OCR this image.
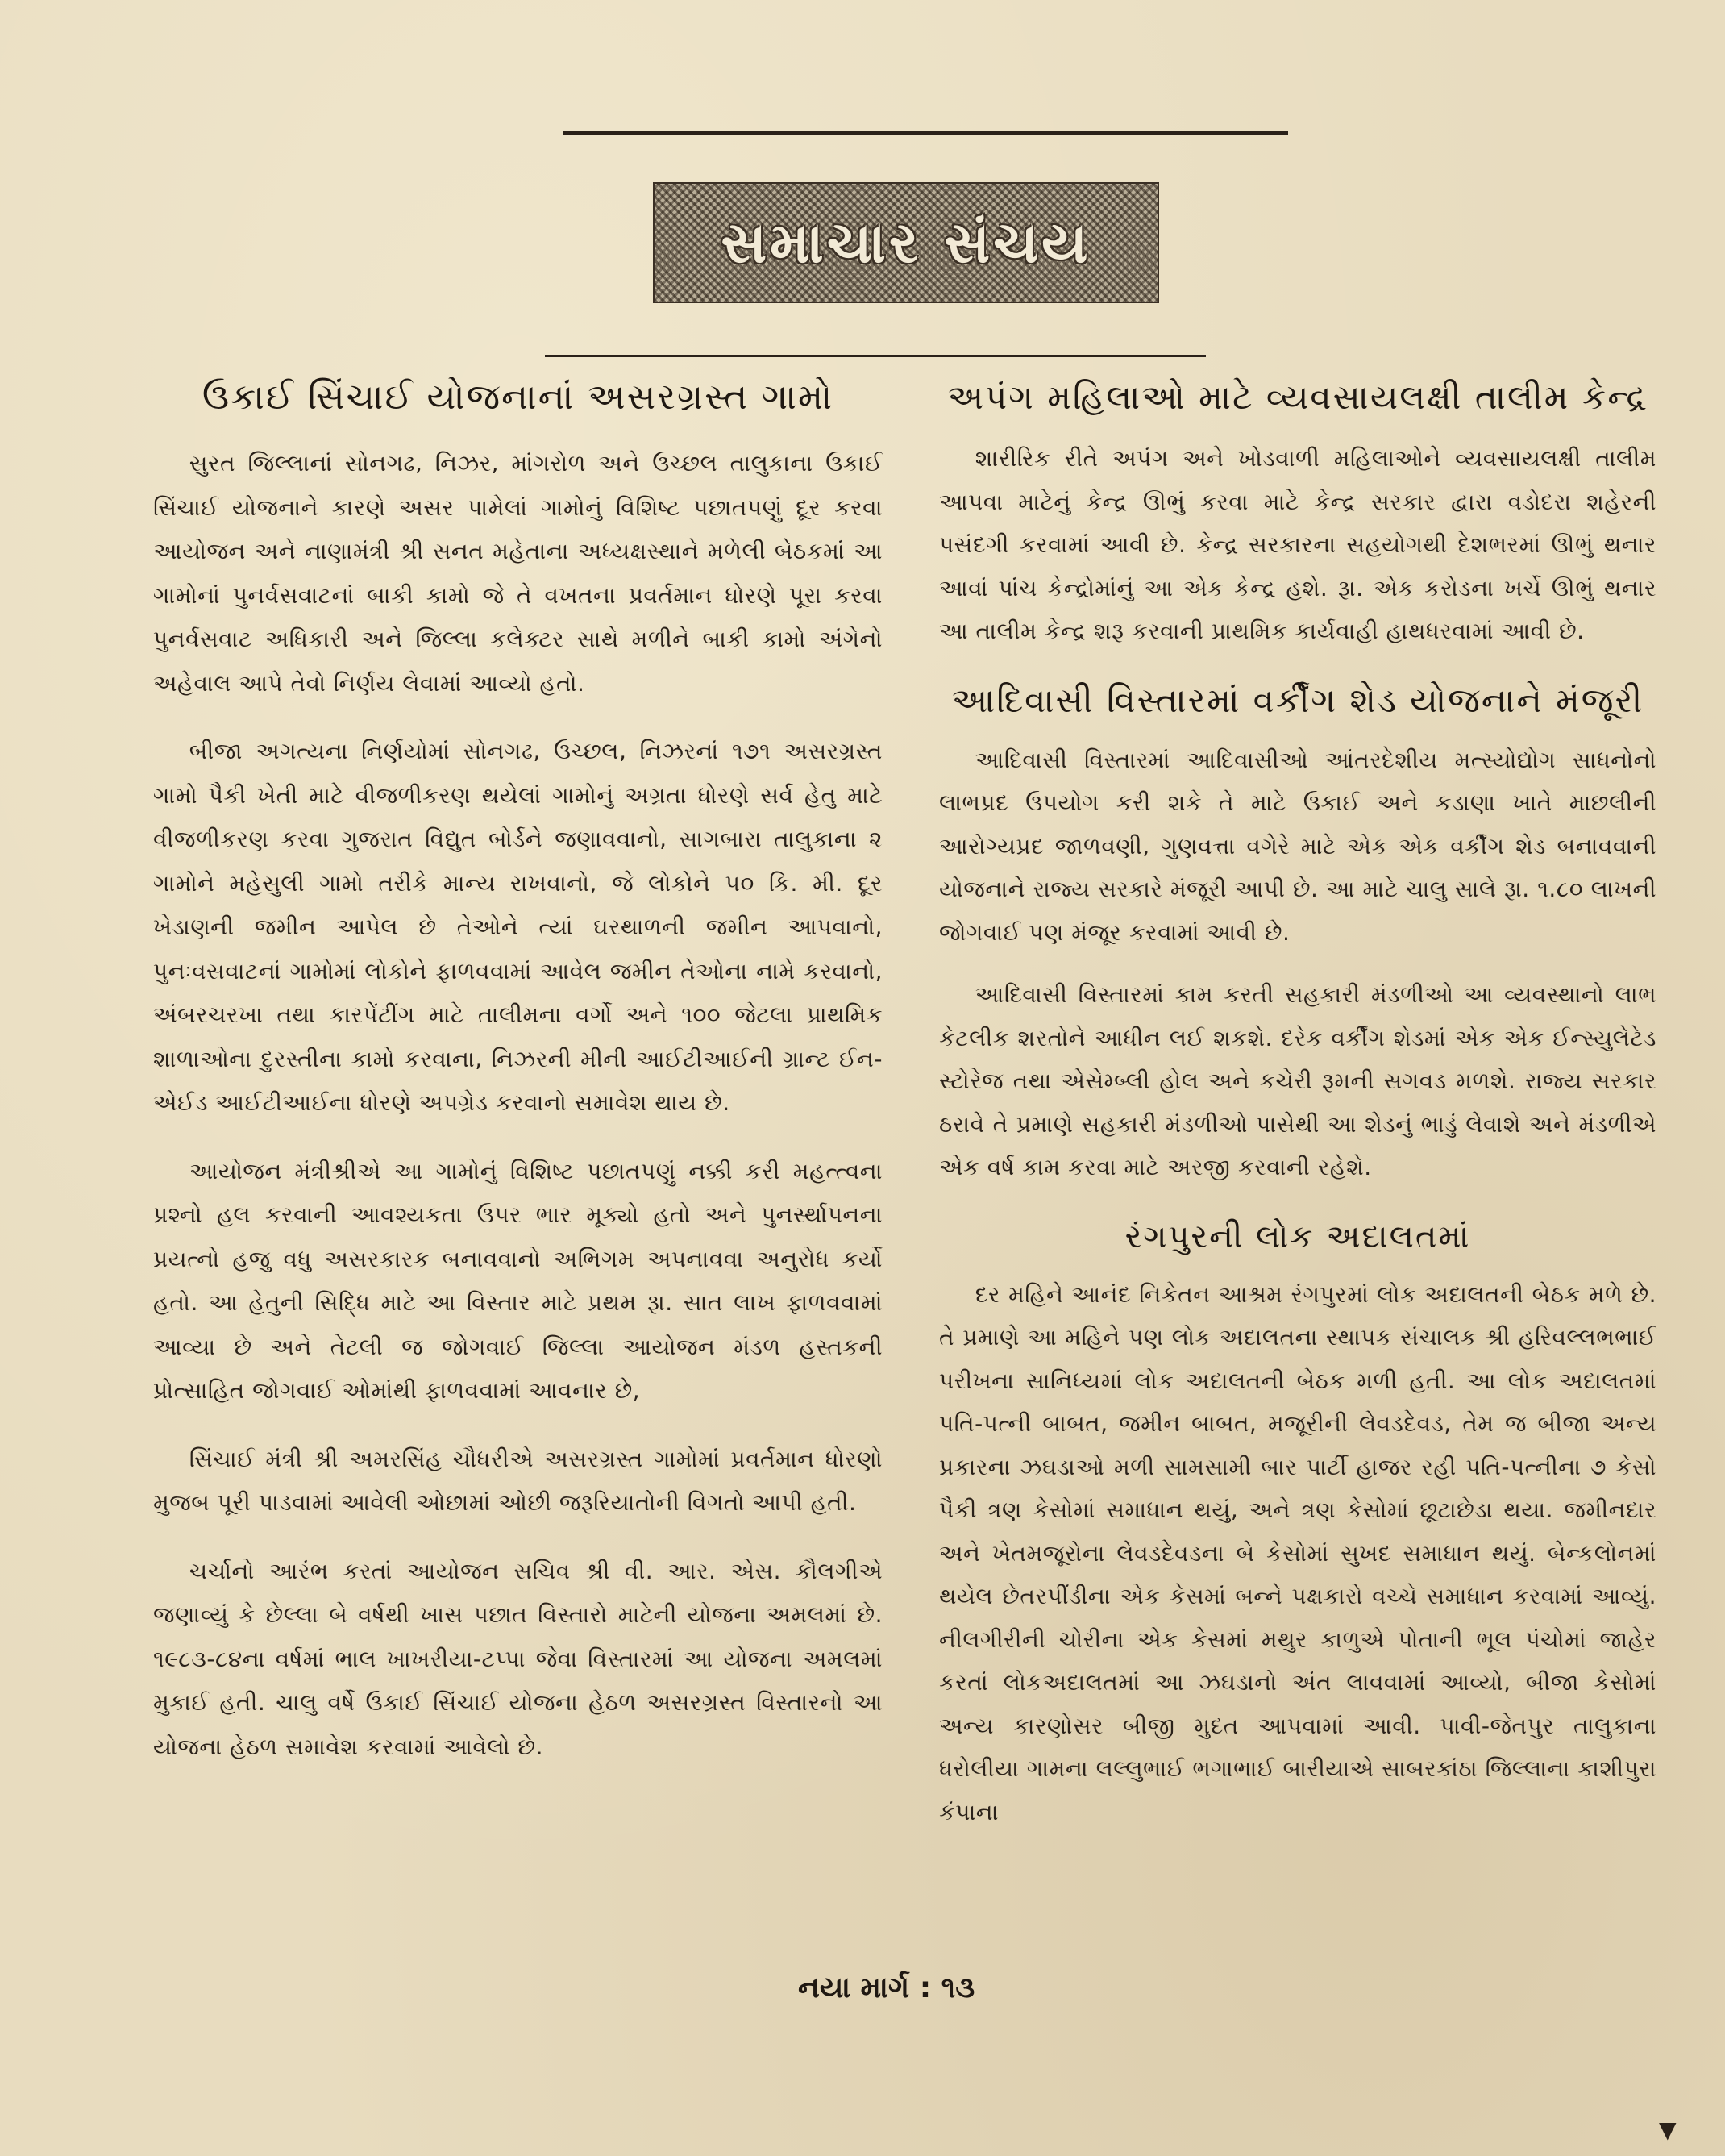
સમાચાર સંચય
ઉકાઈ સિંચાઈ યોજનાનાં અસરગ્રસ્ત ગામો

સુરત જિલ્લાનાં સોનગઢ, નિઝર, માંગરોળ અને ઉચ્છલ તાલુકાના ઉકાઈ સિંચાઈ યોજનાને કારણે અસર પામેલાં ગામોનું વિશિષ્ટ પછાતપણું દૂર કરવા આયોજન અને નાણામંત્રી શ્રી સનત મહેતાના અધ્યક્ષસ્થાને મળેલી બેઠકમાં આ ગામોનાં પુનર્વસવાટનાં બાકી કામો જે તે વખતના પ્રવર્તમાન ધોરણે પૂરા કરવા પુનર્વસવાટ અધિકારી અને જિલ્લા કલેક્ટર સાથે મળીને બાકી કામો અંગેનો અહેવાલ આપે તેવો નિર્ણય લેવામાં આવ્યો હતો.

બીજા અગત્યના નિર્ણયોમાં સોનગઢ, ઉચ્છલ, નિઝરનાં ૧૭૧ અસરગ્રસ્ત ગામો પૈકી ખેતી માટે વીજળીકરણ થયેલાં ગામોનું અગ્રતા ધોરણે સર્વ હેતુ માટે વીજળીકરણ કરવા ગુજરાત વિદ્યુત બોર્ડને જણાવવાનો, સાગબારા તાલુકાના ૨ ગામોને મહેસુલી ગામો તરીકે માન્ય રાખવાનો, જે લોકોને ૫૦ કિ. મી. દૂર ખેડાણની જમીન આપેલ છે તેઓને ત્યાં ઘરથાળની જમીન આપવાનો, પુનઃવસવાટનાં ગામોમાં લોકોને ફાળવવામાં આવેલ જમીન તેઓના નામે કરવાનો, અંબરચરખા તથા કારપેંટીંગ માટે તાલીમના વર્ગો અને ૧૦૦ જેટલા પ્રાથમિક શાળાઓના દુરસ્તીના કામો કરવાના, નિઝરની મીની આઈટીઆઈની ગ્રાન્ટ ઈન-એઈડ આઈટીઆઈના ધોરણે અપગ્રેડ કરવાનો સમાવેશ થાય છે.

આયોજન મંત્રીશ્રીએ આ ગામોનું વિશિષ્ટ પછાતપણું નક્કી કરી મહત્ત્વના પ્રશ્નો હલ કરવાની આવશ્યકતા ઉપર ભાર મૂક્યો હતો અને પુનર્સ્થાપનના પ્રયત્નો હજુ વધુ અસરકારક બનાવવાનો અભિગમ અપનાવવા અનુરોધ કર્યો હતો. આ હેતુની સિદ્ધિ માટે આ વિસ્તાર માટે પ્રથમ રૂા. સાત લાખ ફાળવવામાં આવ્યા છે અને તેટલી જ જોગવાઈ જિલ્લા આયોજન મંડળ હસ્તકની પ્રોત્સાહિત જોગવાઈ ઓમાંથી ફાળવવામાં આવનાર છે,

સિંચાઈ મંત્રી શ્રી અમરસિંહ ચૌધરીએ અસરગ્રસ્ત ગામોમાં પ્રવર્તમાન ધોરણો મુજબ પૂરી પાડવામાં આવેલી ઓછામાં ઓછી જરૂરિયાતોની વિગતો આપી હતી.

ચર્ચાનો આરંભ કરતાં આયોજન સચિવ શ્રી વી. આર. એસ. કૌલગીએ જણાવ્યું કે છેલ્લા બે વર્ષથી ખાસ પછાત વિસ્તારો માટેની યોજના અમલમાં છે. ૧૯૮૩-૮૪ના વર્ષમાં ભાલ ખાખરીયા-ટપ્પા જેવા વિસ્તારમાં આ યોજના અમલમાં મુકાઈ હતી. ચાલુ વર્ષે ઉકાઈ સિંચાઈ યોજના હેઠળ અસરગ્રસ્ત વિસ્તારનો આ યોજના હેઠળ સમાવેશ કરવામાં આવેલો છે.

અપંગ મહિલાઓ માટે વ્યવસાયલક્ષી તાલીમ કેન્દ્ર

શારીરિક રીતે અપંગ અને ખોડવાળી મહિલાઓને વ્યવસાયલક્ષી તાલીમ આપવા માટેનું કેન્દ્ર ઊભું કરવા માટે કેન્દ્ર સરકાર દ્વારા વડોદરા શહેરની પસંદગી કરવામાં આવી છે. કેન્દ્ર સરકારના સહયોગથી દેશભરમાં ઊભું થનાર આવાં પાંચ કેન્દ્રોમાંનું આ એક કેન્દ્ર હશે. રૂા. એક કરોડના ખર્ચે ઊભું થનાર આ તાલીમ કેન્દ્ર શરૂ કરવાની પ્રાથમિક કાર્યવાહી હાથધરવામાં આવી છે.

આદિવાસી વિસ્તારમાં વર્કીંગ શેડ યોજનાને મંજૂરી

આદિવાસી વિસ્તારમાં આદિવાસીઓ આંતરદેશીય મત્સ્યોદ્યોગ સાધનોનો લાભપ્રદ ઉપયોગ કરી શકે તે માટે ઉકાઈ અને કડાણા ખાતે માછલીની આરોગ્યપ્રદ જાળવણી, ગુણવત્તા વગેરે માટે એક એક વર્કીંગ શેડ બનાવવાની યોજનાને રાજ્ય સરકારે મંજૂરી આપી છે. આ માટે ચાલુ સાલે રૂા. ૧.૮૦ લાખની જોગવાઈ પણ મંજૂર કરવામાં આવી છે.

આદિવાસી વિસ્તારમાં કામ કરતી સહકારી મંડળીઓ આ વ્યવસ્થાનો લાભ કેટલીક શરતોને આધીન લઈ શકશે. દરેક વર્કીંગ શેડમાં એક એક ઈન્સ્યુલેટેડ સ્ટોરેજ તથા એસેમ્બ્લી હોલ અને કચેરી રૂમની સગવડ મળશે. રાજ્ય સરકાર ઠરાવે તે પ્રમાણે સહકારી મંડળીઓ પાસેથી આ શેડનું ભાડું લેવાશે અને મંડળીએ એક વર્ષ કામ કરવા માટે અરજી કરવાની રહેશે.

રંગપુરની લોક અદાલતમાં

દર મહિને આનંદ નિકેતન આશ્રમ રંગપુરમાં લોક અદાલતની બેઠક મળે છે. તે પ્રમાણે આ મહિને પણ લોક અદાલતના સ્થાપક સંચાલક શ્રી હરિવલ્લભભાઈ પરીખના સાનિધ્યમાં લોક અદાલતની બેઠક મળી હતી. આ લોક અદાલતમાં પતિ-પત્ની બાબત, જમીન બાબત, મજૂરીની લેવડદેવડ, તેમ જ બીજા અન્ય પ્રકારના ઝઘડાઓ મળી સામસામી બાર પાર્ટી હાજર રહી પતિ-પત્નીના ૭ કેસો પૈકી ત્રણ કેસોમાં સમાધાન થયું, અને ત્રણ કેસોમાં છૂટાછેડા થયા. જમીનદાર અને ખેતમજૂરોના લેવડદેવડના બે કેસોમાં સુખદ સમાધાન થયું. બેન્કલોનમાં થયેલ છેતરપીંડીના એક કેસમાં બન્ને પક્ષકારો વચ્ચે સમાધાન કરવામાં આવ્યું. નીલગીરીની ચોરીના એક કેસમાં મથુર કાળુએ પોતાની ભૂલ પંચોમાં જાહેર કરતાં લોકઅદાલતમાં આ ઝઘડાનો અંત લાવવામાં આવ્યો, બીજા કેસોમાં અન્ય કારણોસર બીજી મુદત આપવામાં આવી. પાવી-જેતપુર તાલુકાના ધરોલીયા ગામના લલ્લુભાઈ ભગાભાઈ બારીયાએ સાબરકાંઠા જિલ્લાના કાશીપુરા કંપાના

નયા માર્ગ : ૧૩
▼
